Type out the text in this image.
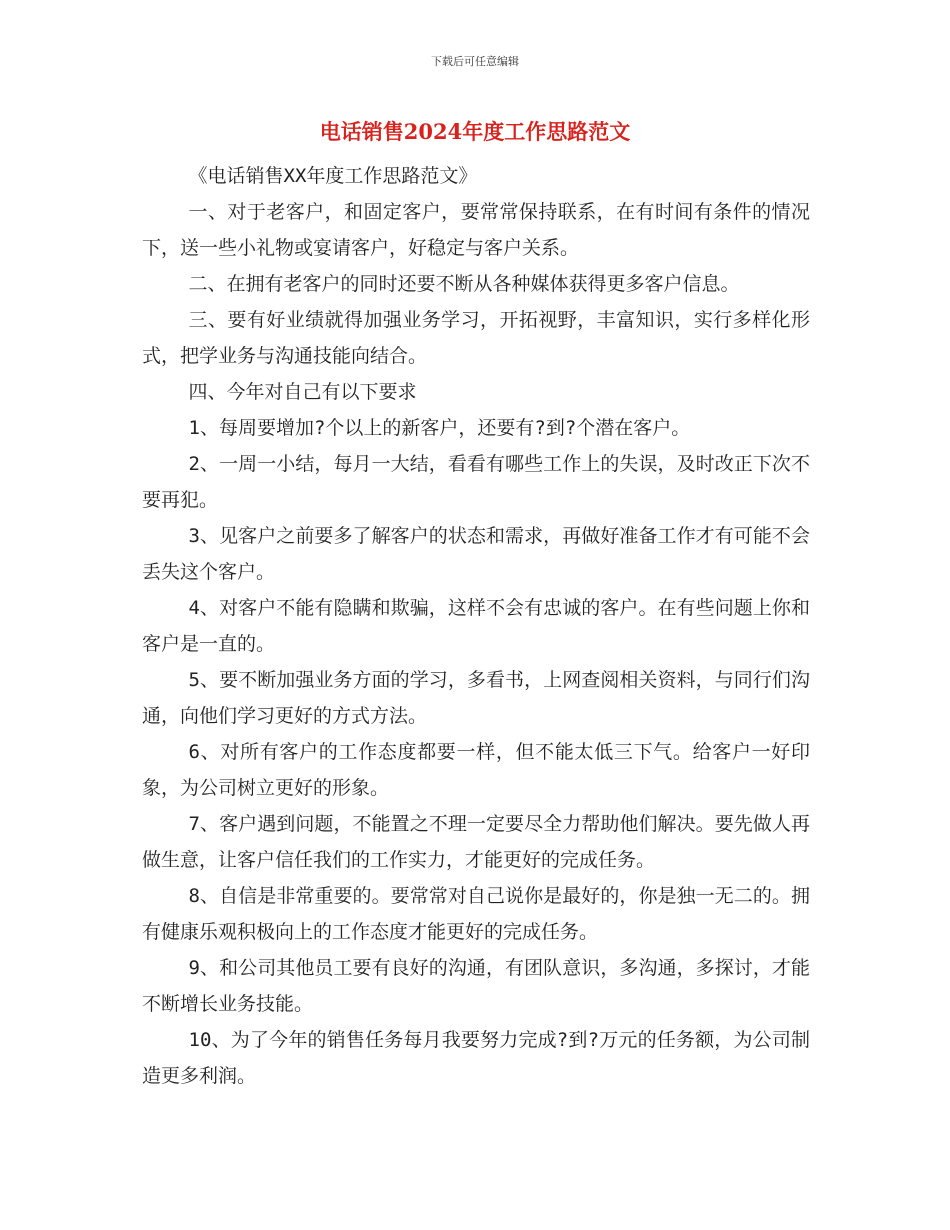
下载后可任意编辑
电话销售2024年度工作思路范文

《电话销售XX年度工作思路范文》

一、对于老客户，和固定客户，要常常保持联系，在有时间有条件的情况下，送一些小礼物或宴请客户，好稳定与客户关系。

二、在拥有老客户的同时还要不断从各种媒体获得更多客户信息。

三、要有好业绩就得加强业务学习，开拓视野，丰富知识，实行多样化形式，把学业务与沟通技能向结合。

四、今年对自己有以下要求

1、每周要增加?个以上的新客户，还要有?到?个潜在客户。

2、一周一小结，每月一大结，看看有哪些工作上的失误，及时改正下次不要再犯。

3、见客户之前要多了解客户的状态和需求，再做好准备工作才有可能不会丢失这个客户。

4、对客户不能有隐瞒和欺骗，这样不会有忠诚的客户。在有些问题上你和客户是一直的。

5、要不断加强业务方面的学习，多看书，上网查阅相关资料，与同行们沟通，向他们学习更好的方式方法。

6、对所有客户的工作态度都要一样，但不能太低三下气。给客户一好印象，为公司树立更好的形象。

7、客户遇到问题，不能置之不理一定要尽全力帮助他们解决。要先做人再做生意，让客户信任我们的工作实力，才能更好的完成任务。

8、自信是非常重要的。要常常对自己说你是最好的，你是独一无二的。拥有健康乐观积极向上的工作态度才能更好的完成任务。

9、和公司其他员工要有良好的沟通，有团队意识，多沟通，多探讨，才能不断增长业务技能。

10、为了今年的销售任务每月我要努力完成?到?万元的任务额，为公司制造更多利润。
